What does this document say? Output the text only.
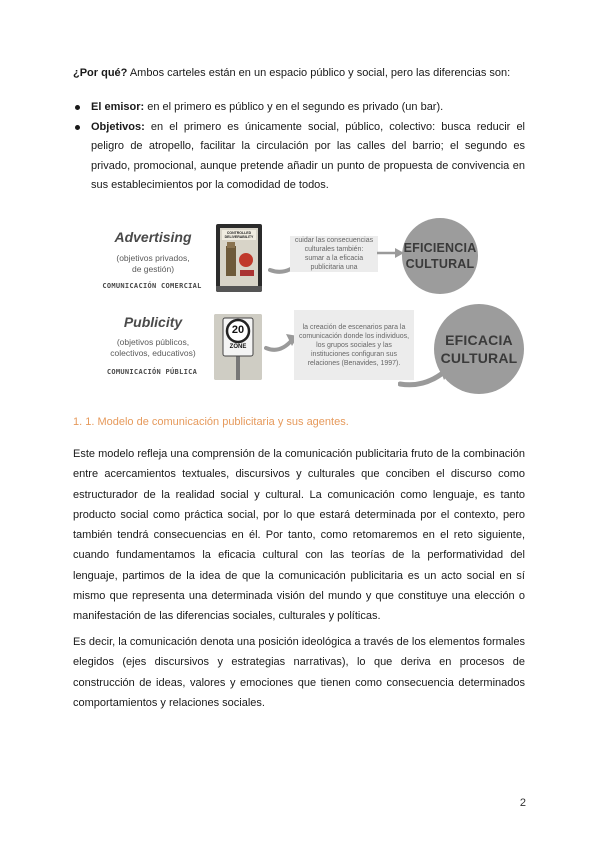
¿Por qué? Ambos carteles están en un espacio público y social, pero las diferencias son:

El emisor: en el primero es público y en el segundo es privado (un bar).
Objetivos: en el primero es únicamente social, público, colectivo: busca reducir el peligro de atropello, facilitar la circulación por las calles del barrio; el segundo es privado, promocional, aunque pretende añadir un punto de propuesta de convivencia en sus establecimientos por la comodidad de todos.
Advertising
(objetivos privados,
de gestión)
COMUNICACIÓN COMERCIAL
CONTROLLED DELIVERABILITY	cuidar las consecuencias culturales también: sumar a la eficacia publicitaria una
EFICIENCIA
CULTURAL
Publicity
(objetivos públicos,
colectivos, educativos)
COMUNICACIÓN PÚBLICA
20
ZONE
la creación de escenarios para la comunicación donde los individuos, los grupos sociales y las instituciones configuran sus relaciones (Benavides, 1997).
EFICACIA
CULTURAL
1. 1. Modelo de comunicación publicitaria y sus agentes.

Este modelo refleja una comprensión de la comunicación publicitaria fruto de la combinación entre acercamientos textuales, discursivos y culturales que conciben el discurso como estructurador de la realidad social y cultural. La comunicación como lenguaje, es tanto producto social como práctica social, por lo que estará determinada por el contexto, pero también tendrá consecuencias en él. Por tanto, como retomaremos en el reto siguiente, cuando fundamentamos la eficacia cultural con las teorías de la performatividad del lenguaje, partimos de la idea de que la comunicación publicitaria es un acto social en sí mismo que representa una determinada visión del mundo y que constituye una elección o manifestación de las diferencias sociales, culturales y políticas.

Es decir, la comunicación denota una posición ideológica a través de los elementos formales elegidos (ejes discursivos y estrategias narrativas), lo que deriva en procesos de construcción de ideas, valores y emociones que tienen como consecuencia determinados comportamientos y relaciones sociales.

2
